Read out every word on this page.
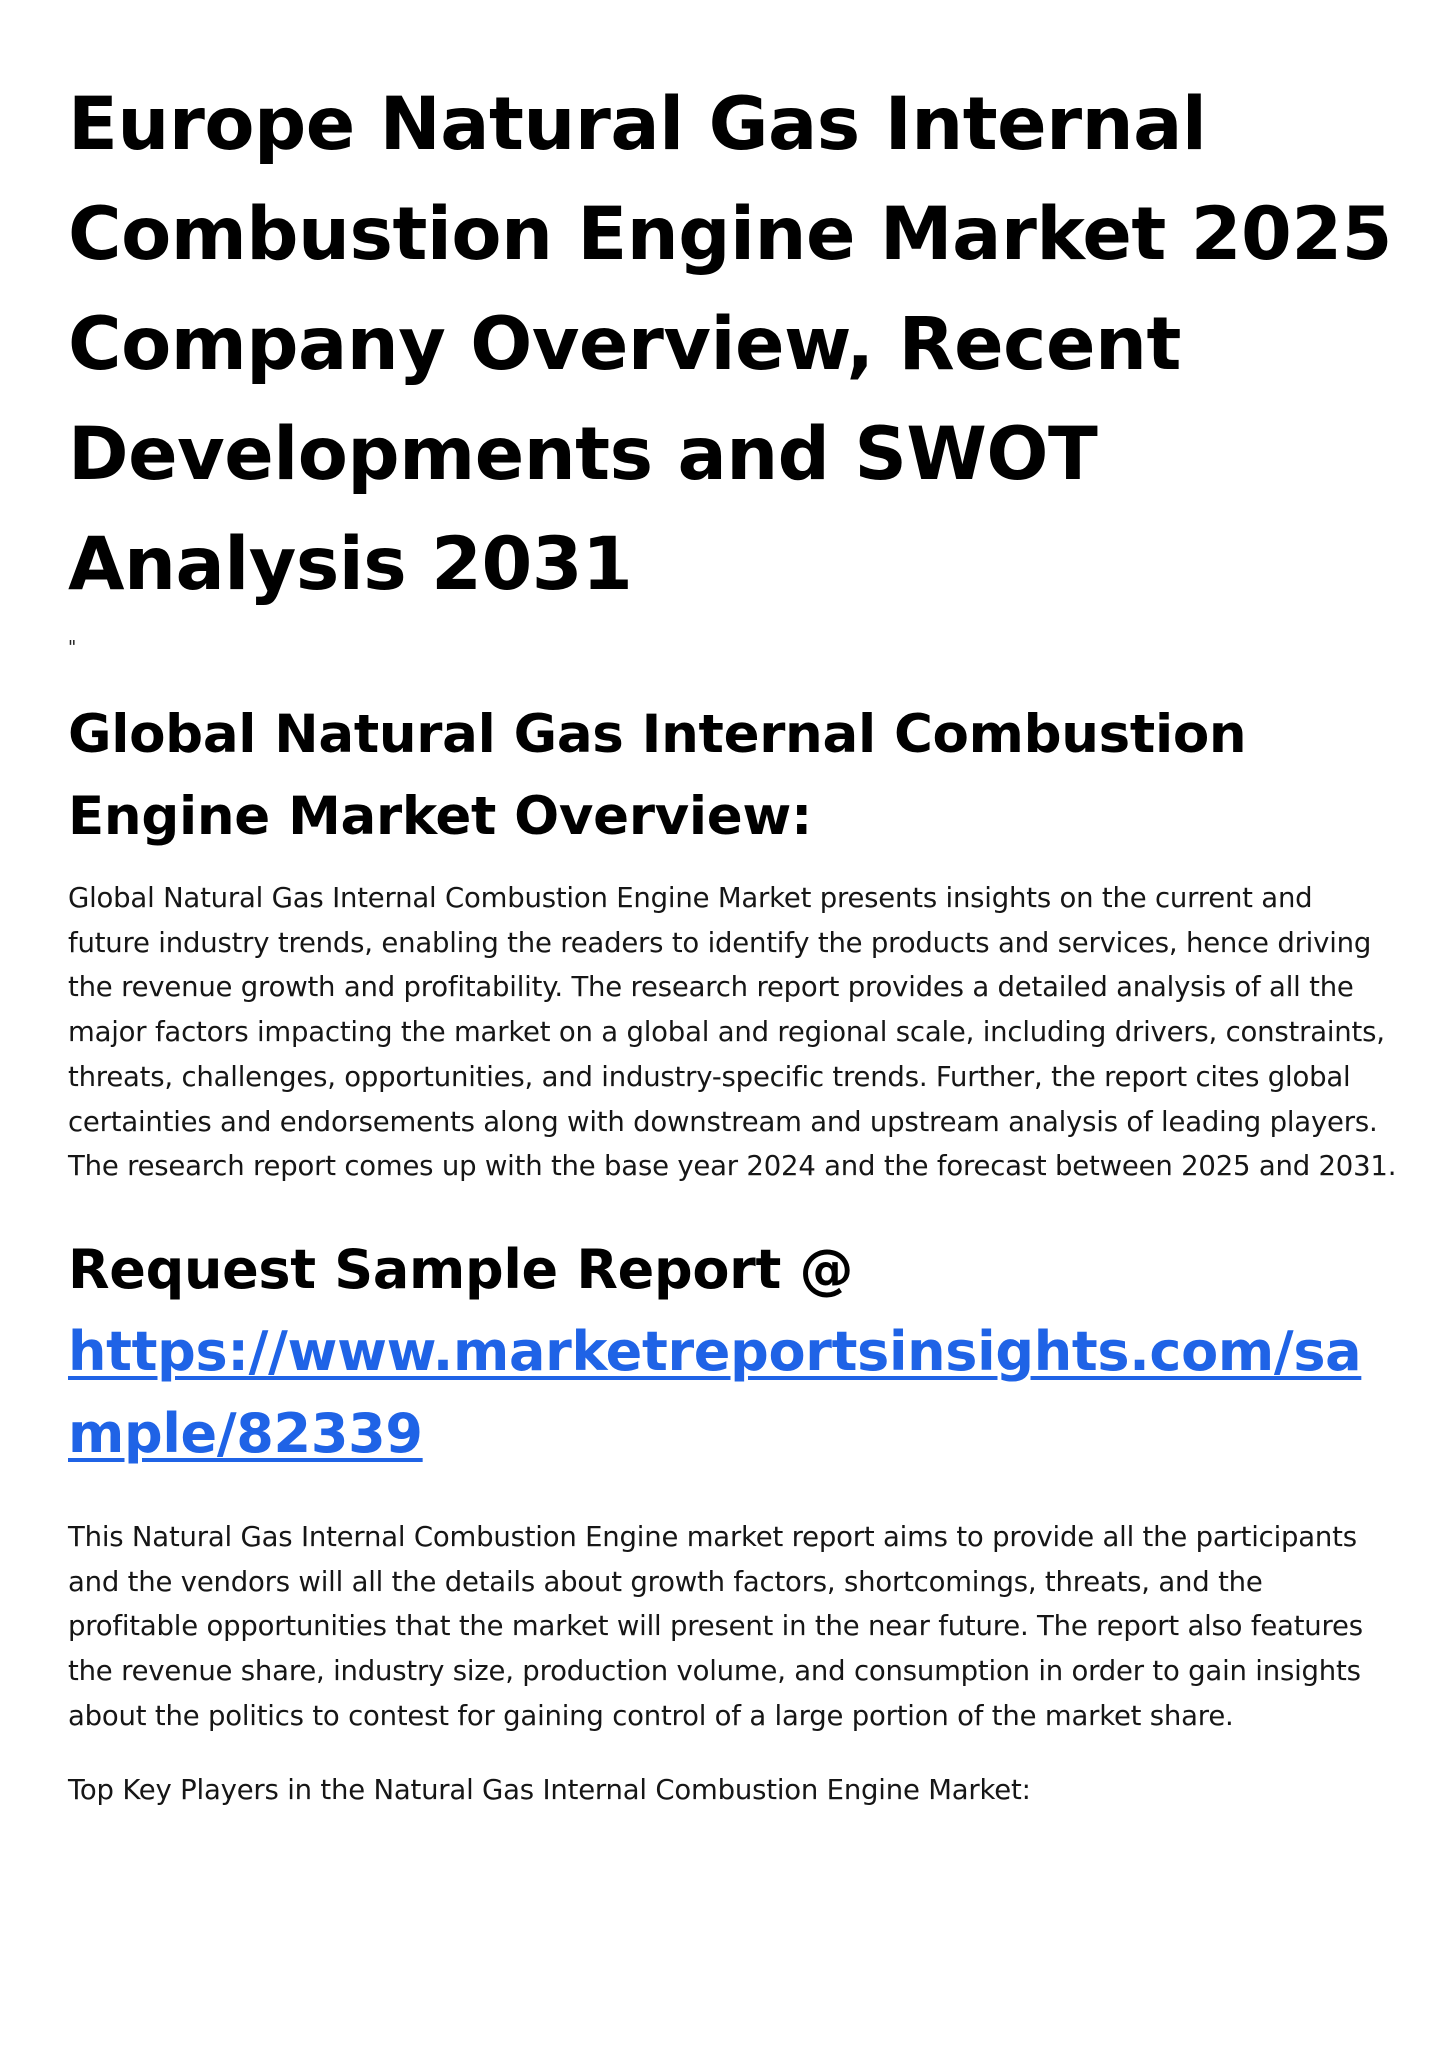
Europe Natural Gas Internal Combustion Engine Market 2025 Company Overview, Recent Developments and SWOT Analysis 2031
"
Global Natural Gas Internal Combustion Engine Market Overview:

Global Natural Gas Internal Combustion Engine Market presents insights on the current and future industry trends, enabling the readers to identify the products and services, hence driving the revenue growth and profitability. The research report provides a detailed analysis of all the major factors impacting the market on a global and regional scale, including drivers, constraints, threats, challenges, opportunities, and industry-specific trends. Further, the report cites global certainties and endorsements along with downstream and upstream analysis of leading players. The research report comes up with the base year 2024 and the forecast between 2025 and 2031.

Request Sample Report @
https://www.marketreportsinsights.com/sample/82339

This Natural Gas Internal Combustion Engine market report aims to provide all the participants and the vendors will all the details about growth factors, shortcomings, threats, and the profitable opportunities that the market will present in the near future. The report also features the revenue share, industry size, production volume, and consumption in order to gain insights about the politics to contest for gaining control of a large portion of the market share.

Top Key Players in the Natural Gas Internal Combustion Engine Market:
